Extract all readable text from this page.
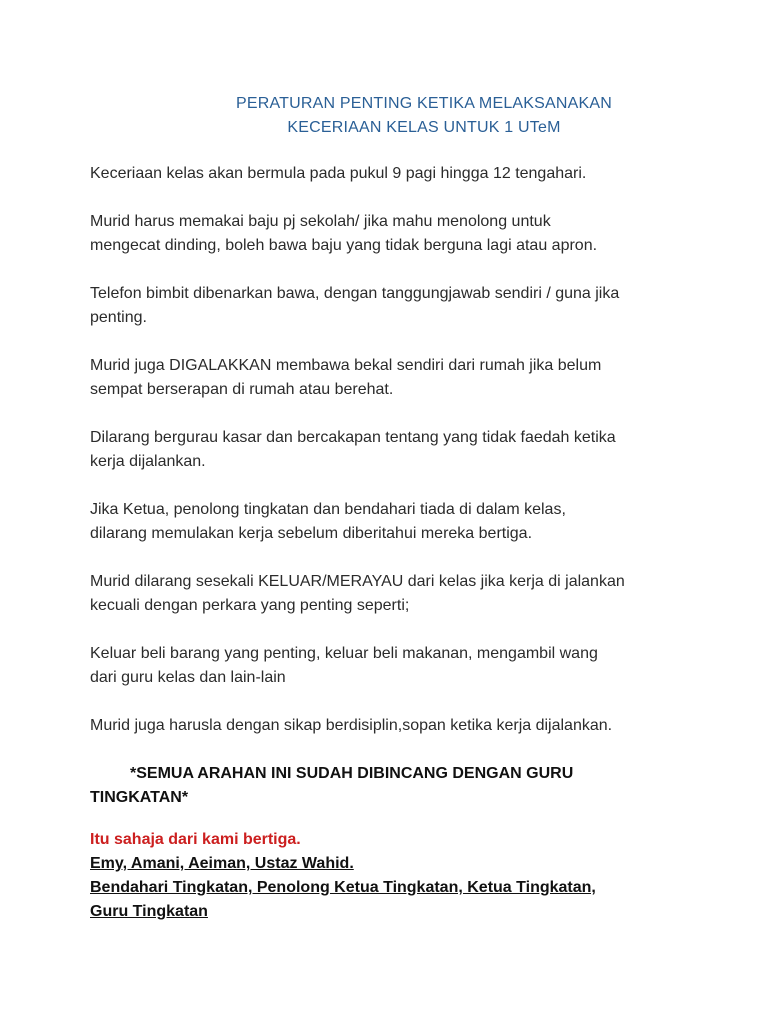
PERATURAN PENTING KETIKA MELAKSANAKAN
KECERIAAN KELAS UNTUK 1 UTeM
Keceriaan kelas akan bermula pada pukul 9 pagi hingga 12 tengahari.
Murid harus memakai baju pj sekolah/ jika mahu menolong untuk
mengecat dinding, boleh bawa baju yang tidak berguna lagi atau apron.
Telefon bimbit dibenarkan bawa, dengan tanggungjawab sendiri / guna jika
penting.
Murid juga DIGALAKKAN membawa bekal sendiri dari rumah jika belum
sempat berserapan di rumah atau berehat.
Dilarang bergurau kasar dan bercakapan tentang yang tidak faedah ketika
kerja dijalankan.
Jika Ketua, penolong tingkatan dan bendahari tiada di dalam kelas,
dilarang memulakan kerja sebelum diberitahui mereka bertiga.
Murid dilarang sesekali KELUAR/MERAYAU dari kelas jika kerja di jalankan
kecuali dengan perkara yang penting seperti;
Keluar beli barang yang penting, keluar beli makanan, mengambil wang
dari guru kelas dan lain-lain
Murid juga harusla dengan sikap berdisiplin,sopan ketika kerja dijalankan.
*SEMUA ARAHAN INI SUDAH DIBINCANG DENGAN GURU
TINGKATAN*
Itu sahaja dari kami bertiga.
Emy, Amani, Aeiman, Ustaz Wahid.
Bendahari Tingkatan, Penolong Ketua Tingkatan, Ketua Tingkatan,
Guru Tingkatan
